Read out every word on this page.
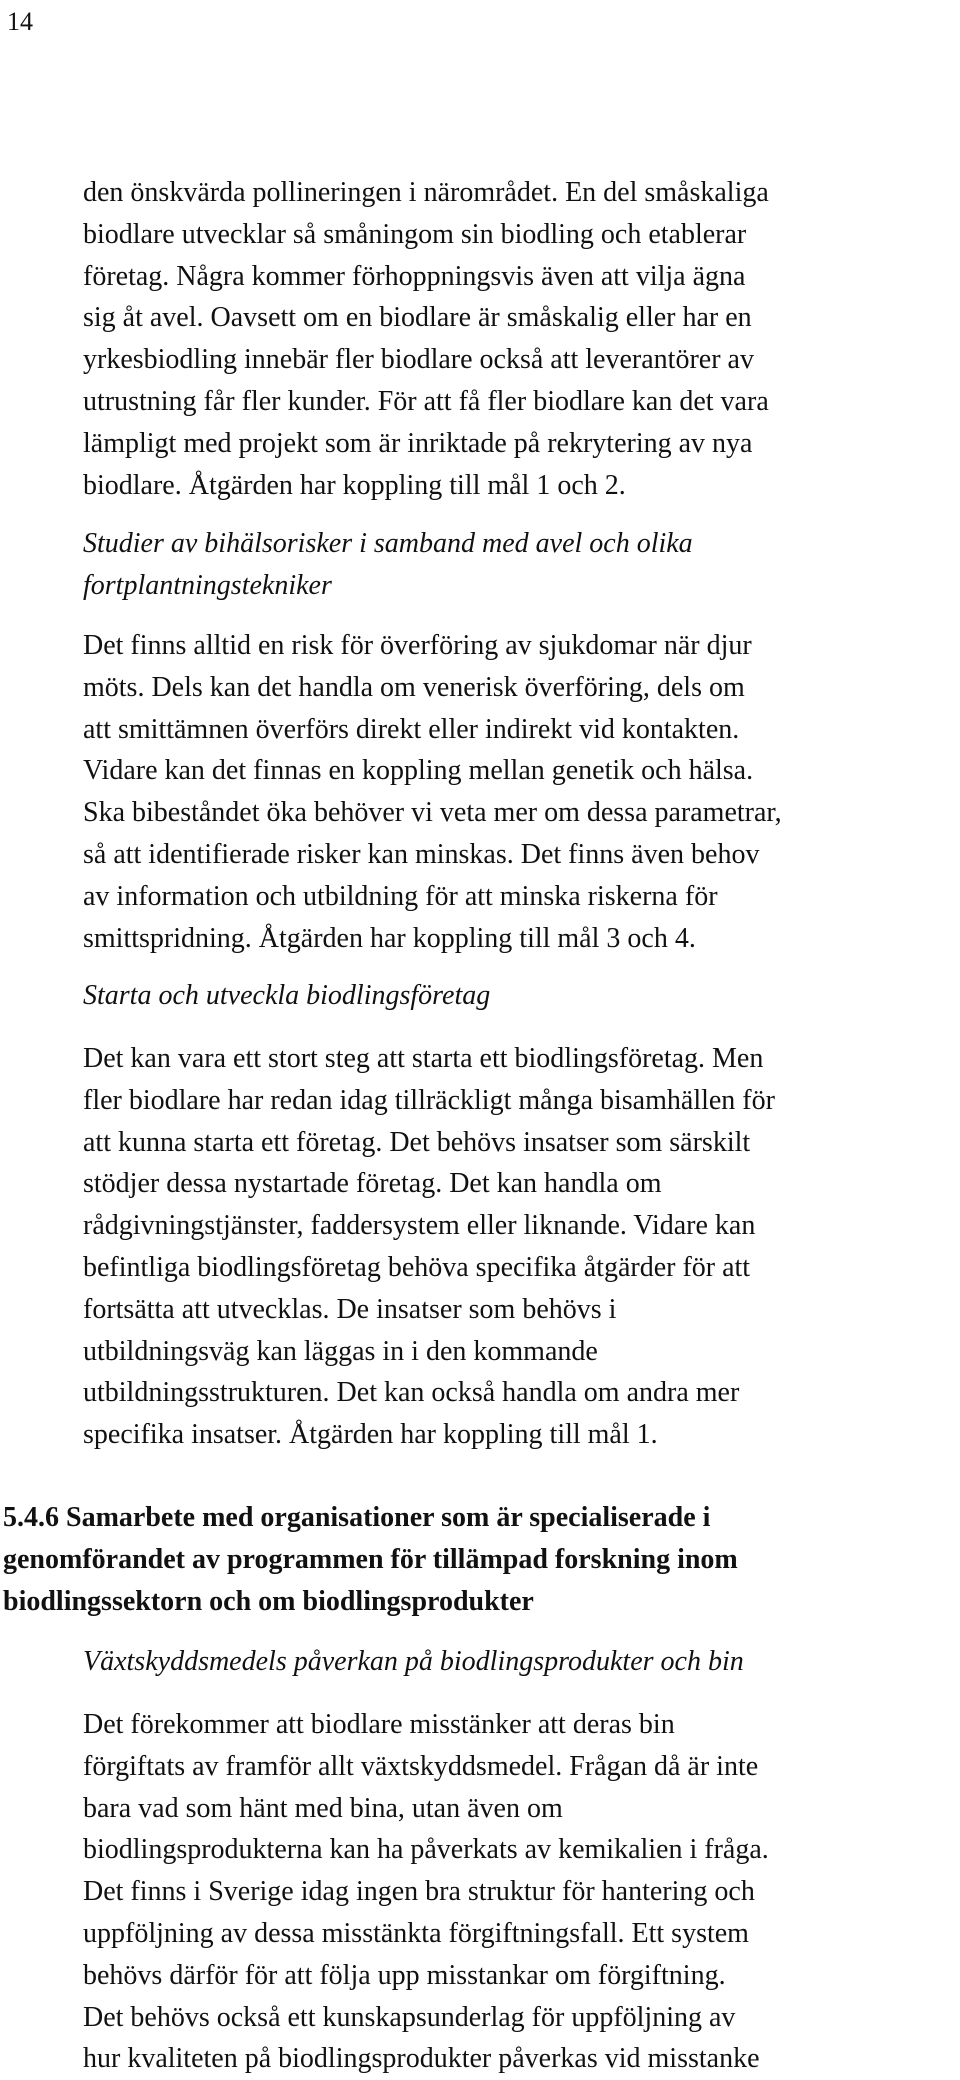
14

den önskvärda pollineringen i närområdet. En del småskaliga
biodlare utvecklar så småningom sin biodling och etablerar
företag. Några kommer förhoppningsvis även att vilja ägna
sig åt avel. Oavsett om en biodlare är småskalig eller har en
yrkesbiodling innebär fler biodlare också att leverantörer av
utrustning får fler kunder. För att få fler biodlare kan det vara
lämpligt med projekt som är inriktade på rekrytering av nya
biodlare. Åtgärden har koppling till mål 1 och 2.

Studier av bihälsorisker i samband med avel och olika
fortplantningstekniker

Det finns alltid en risk för överföring av sjukdomar när djur
möts. Dels kan det handla om venerisk överföring, dels om
att smittämnen överförs direkt eller indirekt vid kontakten.
Vidare kan det finnas en koppling mellan genetik och hälsa.
Ska bibeståndet öka behöver vi veta mer om dessa parametrar,
så att identifierade risker kan minskas. Det finns även behov
av information och utbildning för att minska riskerna för
smittspridning. Åtgärden har koppling till mål 3 och 4.

Starta och utveckla biodlingsföretag

Det kan vara ett stort steg att starta ett biodlingsföretag. Men
fler biodlare har redan idag tillräckligt många bisamhällen för
att kunna starta ett företag. Det behövs insatser som särskilt
stödjer dessa nystartade företag. Det kan handla om
rådgivningstjänster, faddersystem eller liknande. Vidare kan
befintliga biodlingsföretag behöva specifika åtgärder för att
fortsätta att utvecklas. De insatser som behövs i
utbildningsväg kan läggas in i den kommande
utbildningsstrukturen. Det kan också handla om andra mer
specifika insatser. Åtgärden har koppling till mål 1.

5.4.6 Samarbete med organisationer som är specialiserade i
genomförandet av programmen för tillämpad forskning inom
biodlingssektorn och om biodlingsprodukter

Växtskyddsmedels påverkan på biodlingsprodukter och bin

Det förekommer att biodlare misstänker att deras bin
förgiftats av framför allt växtskyddsmedel. Frågan då är inte
bara vad som hänt med bina, utan även om
biodlingsprodukterna kan ha påverkats av kemikalien i fråga.
Det finns i Sverige idag ingen bra struktur för hantering och
uppföljning av dessa misstänkta förgiftningsfall. Ett system
behövs därför för att följa upp misstankar om förgiftning.
Det behövs också ett kunskapsunderlag för uppföljning av
hur kvaliteten på biodlingsprodukter påverkas vid misstanke
